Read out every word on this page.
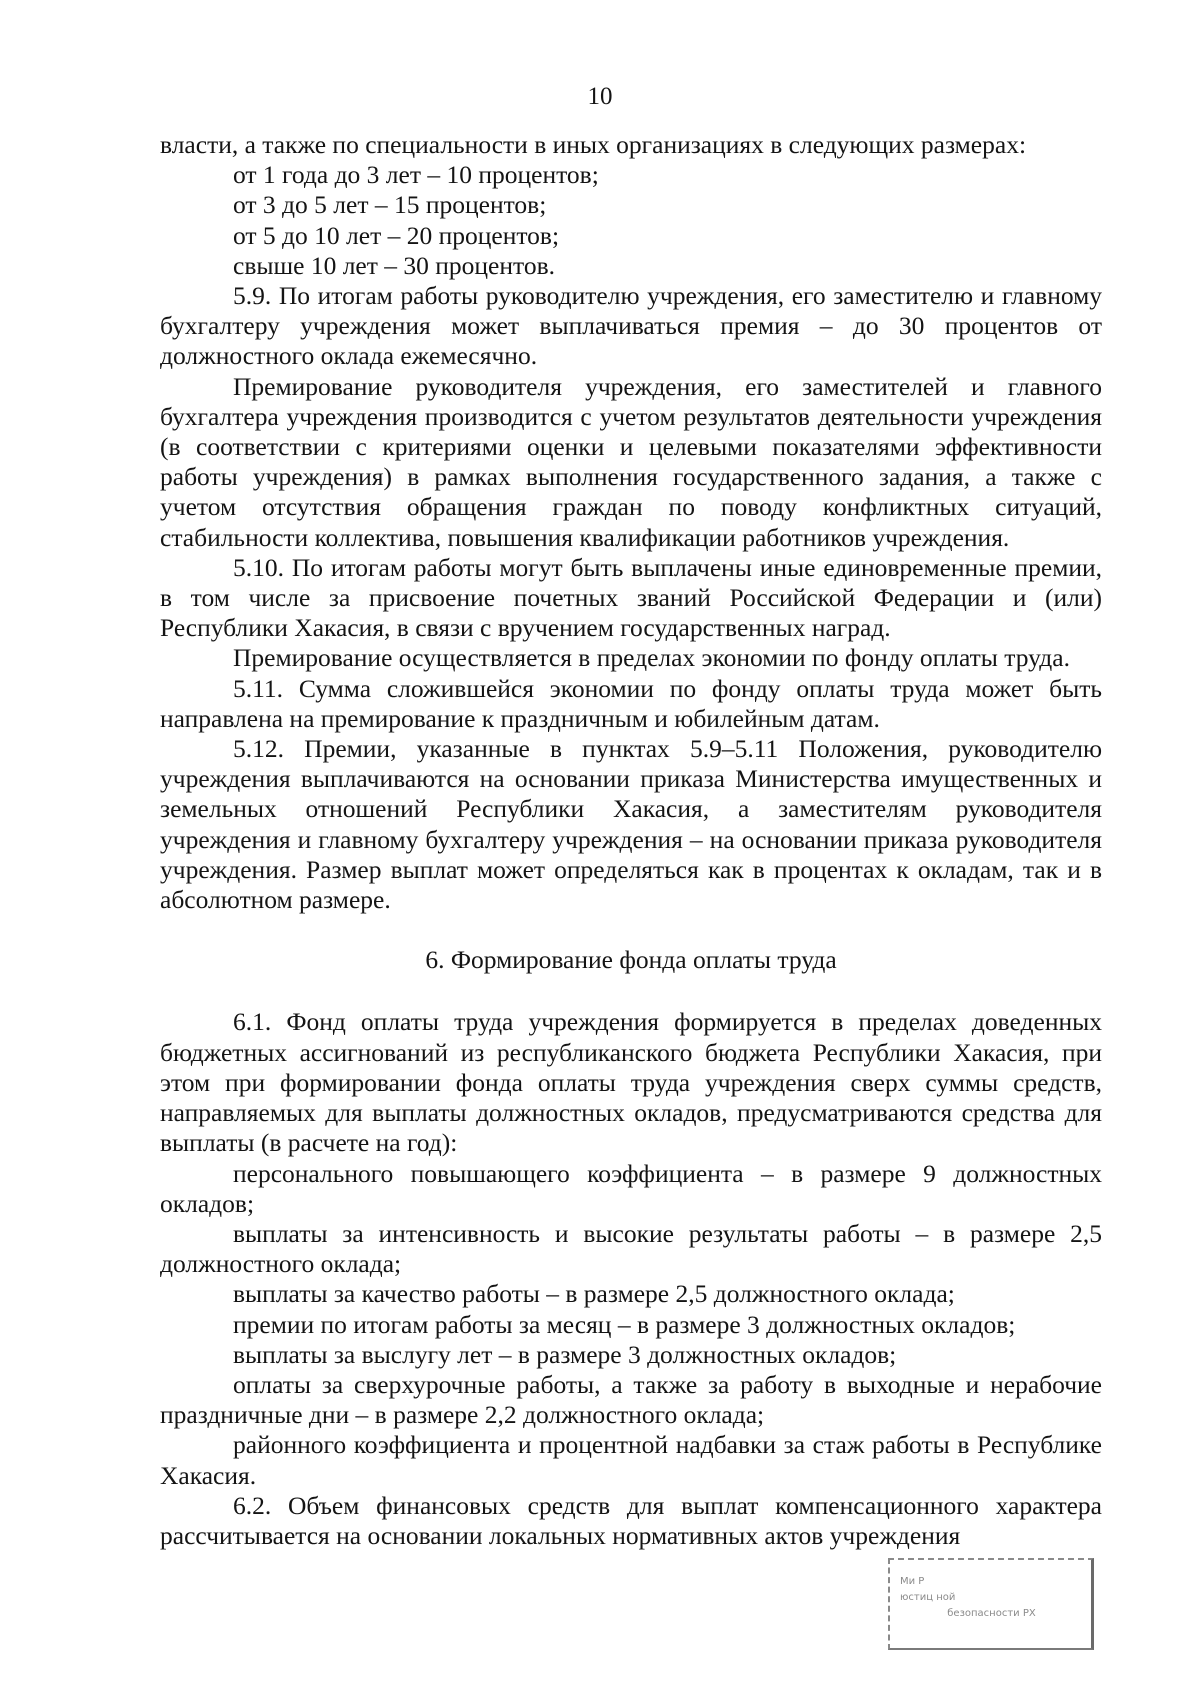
10

власти, а также по специальности в иных организациях в следующих размерах:

от 1 года до 3 лет – 10 процентов;

от 3 до 5 лет – 15 процентов;

от 5 до 10 лет – 20 процентов;

свыше 10 лет – 30 процентов.

5.9. По итогам работы руководителю учреждения, его заместителю и главному бухгалтеру учреждения может выплачиваться премия – до 30 процентов от должностного оклада ежемесячно.

Премирование руководителя учреждения, его заместителей и главного бухгалтера учреждения производится с учетом результатов деятельности учреждения (в соответствии с критериями оценки и целевыми показателями эффективности работы учреждения) в рамках выполнения государственного задания, а также с учетом отсутствия обращения граждан по поводу конфликтных ситуаций, стабильности коллектива, повышения квалификации работников учреждения.

5.10. По итогам работы могут быть выплачены иные единовременные премии, в том числе за присвоение почетных званий Российской Федерации и (или) Республики Хакасия, в связи с вручением государственных наград.

Премирование осуществляется в пределах экономии по фонду оплаты труда.

5.11. Сумма сложившейся экономии по фонду оплаты труда может быть направлена на премирование к праздничным и юбилейным датам.

5.12. Премии, указанные в пунктах 5.9–5.11 Положения, руководителю учреждения выплачиваются на основании приказа Министерства имущественных и земельных отношений Республики Хакасия, а заместителям руководителя учреждения и главному бухгалтеру учреждения – на основании приказа руководителя учреждения. Размер выплат может определяться как в процентах к окладам, так и в абсолютном размере.

6. Формирование фонда оплаты труда

6.1. Фонд оплаты труда учреждения формируется в пределах доведенных бюджетных ассигнований из республиканского бюджета Республики Хакасия, при этом при формировании фонда оплаты труда учреждения сверх суммы средств, направляемых для выплаты должностных окладов, предусматриваются средства для выплаты (в расчете на год):

персонального повышающего коэффициента – в размере 9 должностных окладов;

выплаты за интенсивность и высокие результаты работы – в размере 2,5 должностного оклада;

выплаты за качество работы – в размере 2,5 должностного оклада;

премии по итогам работы за месяц – в размере 3 должностных окладов;

выплаты за выслугу лет – в размере 3 должностных окладов;

оплаты за сверхурочные работы, а также за работу в выходные и нерабочие праздничные дни – в размере 2,2 должностного оклада;

районного коэффициента и процентной надбавки за стаж работы в Республике Хакасия.

6.2. Объем финансовых средств для выплат компенсационного характера рассчитывается на основании локальных нормативных актов учреждения

Ми Р
юстиц ной
безопасности РХ
